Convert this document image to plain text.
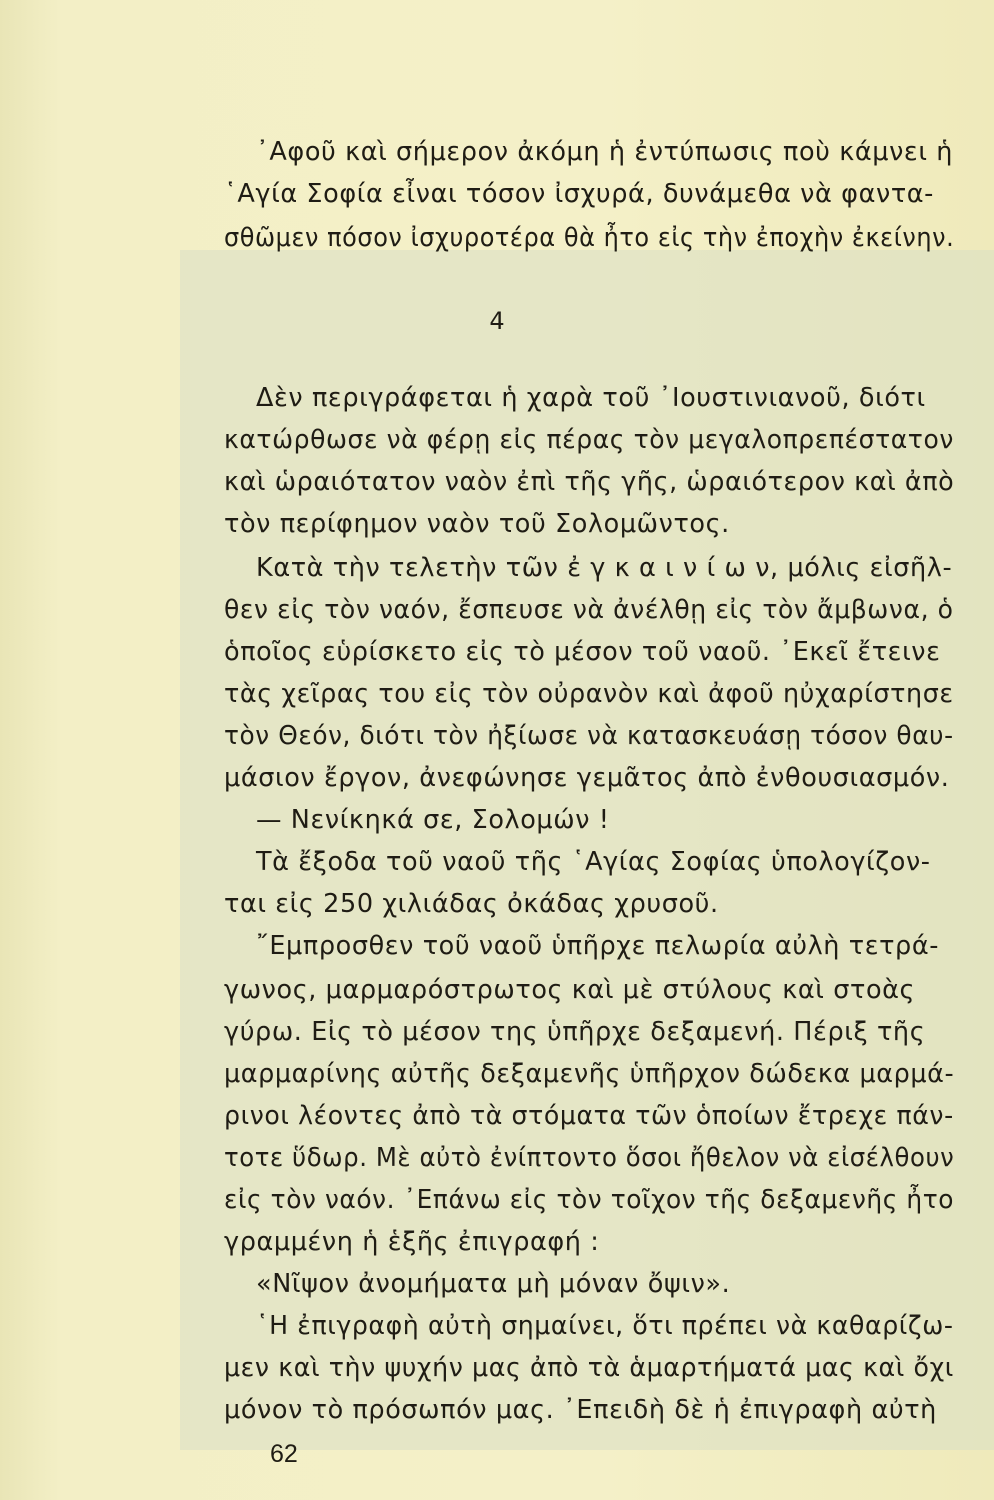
᾿Αφοῦ καὶ σήμερον ἀκόμη ἡ ἐντύπωσις ποὺ κάμνει ἡ
῾Αγία Σοφία εἶναι τόσον ἰσχυρά, δυνάμεθα νὰ φαντα-
σθῶμεν πόσον ἰσχυροτέρα θὰ ἦτο εἰς τὴν ἐποχὴν ἐκείνην.
4
Δὲν περιγράφεται ἡ χαρὰ τοῦ ᾿Ιουστινιανοῦ, διότι
κατώρθωσε νὰ φέρῃ εἰς πέρας τὸν μεγαλοπρεπέστατον
καὶ ὡραιότατον ναὸν ἐπὶ τῆς γῆς, ὡραιότερον καὶ ἀπὸ
τὸν περίφημον ναὸν τοῦ Σολομῶντος.
Κατὰ τὴν τελετὴν τῶν ἐ γ κ α ι ν ί ω ν, μόλις εἰσῆλ-
θεν εἰς τὸν ναόν, ἔσπευσε νὰ ἀνέλθῃ εἰς τὸν ἄμβωνα, ὁ
ὁποῖος εὑρίσκετο εἰς τὸ μέσον τοῦ ναοῦ. ᾿Εκεῖ ἔτεινε
τὰς χεῖρας του εἰς τὸν οὐρανὸν καὶ ἀφοῦ ηὐχαρίστησε
τὸν Θεόν, διότι τὸν ἠξίωσε νὰ κατασκευάσῃ τόσον θαυ-
μάσιον ἔργον, ἀνεφώνησε γεμᾶτος ἀπὸ ἐνθουσιασμόν.
— Νενίκηκά σε, Σολομών !
Τὰ ἔξοδα τοῦ ναοῦ τῆς ῾Αγίας Σοφίας ὑπολογίζον-
ται εἰς 250 χιλιάδας ὀκάδας χρυσοῦ.
῎Εμπροσθεν τοῦ ναοῦ ὑπῆρχε πελωρία αὐλὴ τετρά-
γωνος, μαρμαρόστρωτος καὶ μὲ στύλους καὶ στοὰς
γύρω. Εἰς τὸ μέσον της ὑπῆρχε δεξαμενή. Πέριξ τῆς
μαρμαρίνης αὐτῆς δεξαμενῆς ὑπῆρχον δώδεκα μαρμά-
ρινοι λέοντες ἀπὸ τὰ στόματα τῶν ὁποίων ἔτρεχε πάν-
τοτε ὕδωρ. Μὲ αὐτὸ ἐνίπτοντο ὅσοι ἤθελον νὰ εἰσέλθουν
εἰς τὸν ναόν. ᾿Επάνω εἰς τὸν τοῖχον τῆς δεξαμενῆς ἦτο
γραμμένη ἡ ἑξῆς ἐπιγραφή :
«Νῖψον ἀνομήματα μὴ μόναν ὄψιν».
῾Η ἐπιγραφὴ αὐτὴ σημαίνει, ὅτι πρέπει νὰ καθαρίζω-
μεν καὶ τὴν ψυχήν μας ἀπὸ τὰ ἁμαρτήματά μας καὶ ὄχι
μόνον τὸ πρόσωπόν μας. ᾿Επειδὴ δὲ ἡ ἐπιγραφὴ αὐτὴ
62
